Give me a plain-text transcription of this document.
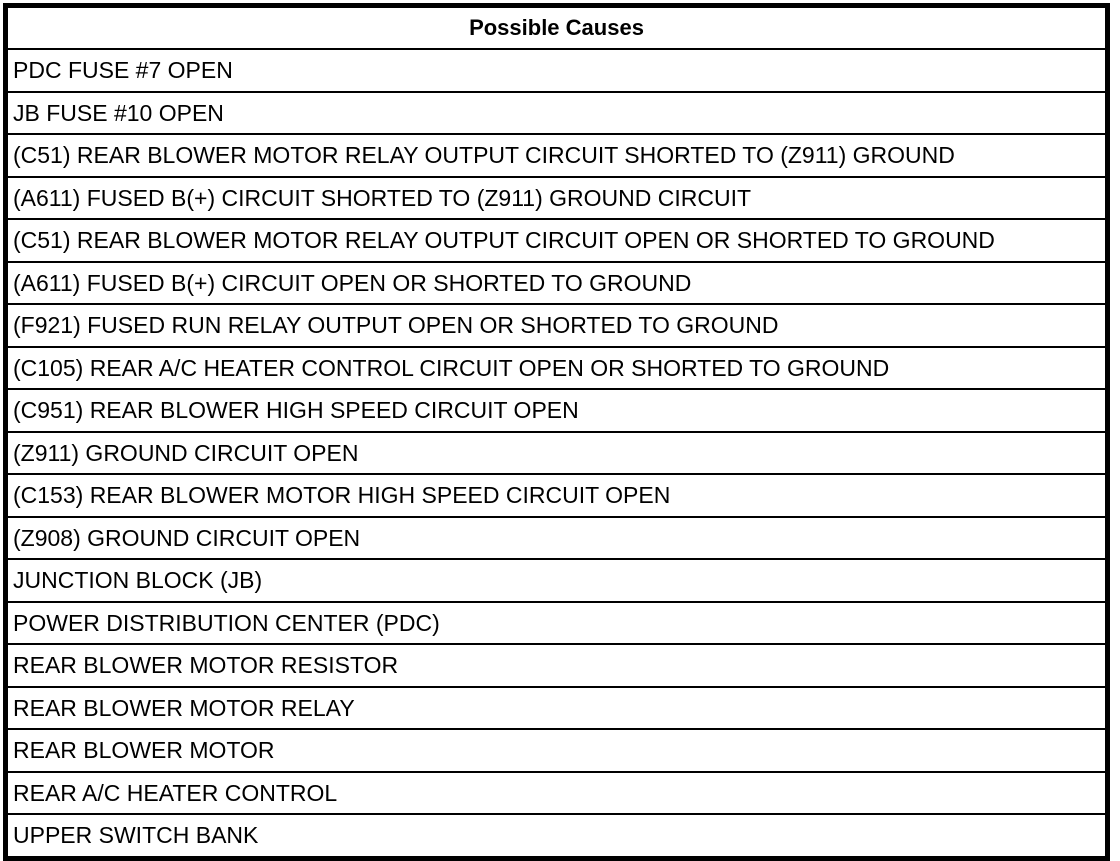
Possible Causes
PDC FUSE #7 OPEN
JB FUSE #10 OPEN
(C51) REAR BLOWER MOTOR RELAY OUTPUT CIRCUIT SHORTED TO (Z911) GROUND
(A611) FUSED B(+) CIRCUIT SHORTED TO (Z911) GROUND CIRCUIT
(C51) REAR BLOWER MOTOR RELAY OUTPUT CIRCUIT OPEN OR SHORTED TO GROUND
(A611) FUSED B(+) CIRCUIT OPEN OR SHORTED TO GROUND
(F921) FUSED RUN RELAY OUTPUT OPEN OR SHORTED TO GROUND
(C105) REAR A/C HEATER CONTROL CIRCUIT OPEN OR SHORTED TO GROUND
(C951) REAR BLOWER HIGH SPEED CIRCUIT OPEN
(Z911) GROUND CIRCUIT OPEN
(C153) REAR BLOWER MOTOR HIGH SPEED CIRCUIT OPEN
(Z908) GROUND CIRCUIT OPEN
JUNCTION BLOCK (JB)
POWER DISTRIBUTION CENTER (PDC)
REAR BLOWER MOTOR RESISTOR
REAR BLOWER MOTOR RELAY
REAR BLOWER MOTOR
REAR A/C HEATER CONTROL
UPPER SWITCH BANK
